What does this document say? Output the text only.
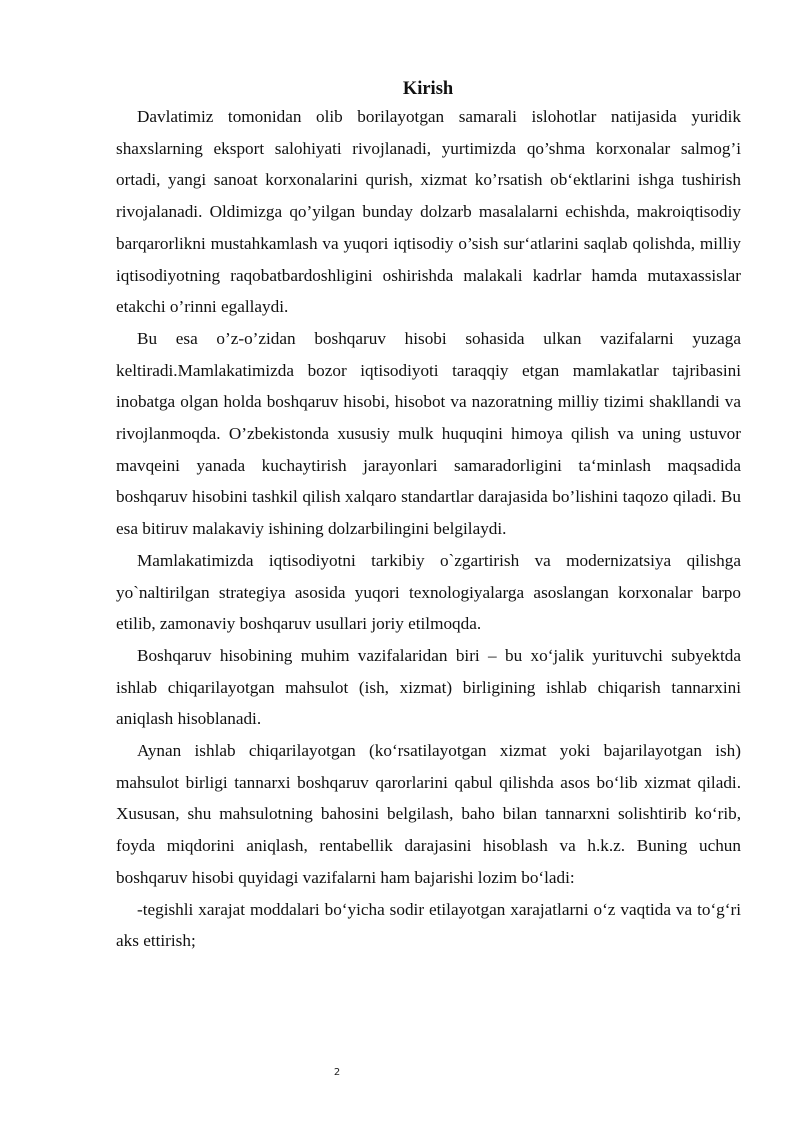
Kirish

Davlatimiz tomonidan olib borilayotgan samarali islohotlar natijasida yuridik shaxslarning eksport salohiyati rivojlanadi, yurtimizda qo’shma korxonalar salmog’i ortadi, yangi sanoat korxonalarini qurish, xizmat ko’rsatish ob‘ektlarini ishga tushirish rivojalanadi. Oldimizga qo’yilgan bunday dolzarb masalalarni echishda, makroiqtisodiy barqarorlikni mustahkamlash va yuqori iqtisodiy o’sish sur‘atlarini saqlab qolishda, milliy iqtisodiyotning raqobatbardoshligini oshirishda malakali kadrlar hamda mutaxassislar etakchi o’rinni egallaydi.

Bu esa o’z-o’zidan boshqaruv hisobi sohasida ulkan vazifalarni yuzaga keltiradi.Mamlakatimizda bozor iqtisodiyoti taraqqiy etgan mamlakatlar tajribasini inobatga olgan holda boshqaruv hisobi, hisobot va nazoratning milliy tizimi shakllandi va rivojlanmoqda. O’zbekistonda xususiy mulk huquqini himoya qilish va uning ustuvor mavqeini yanada kuchaytirish jarayonlari samaradorligini ta‘minlash maqsadida boshqaruv hisobini tashkil qilish xalqaro standartlar darajasida bo’lishini taqozo qiladi. Bu esa bitiruv malakaviy ishining dolzarbilingini belgilaydi.

Mamlakatimizda iqtisodiyotni tarkibiy o`zgartirish va modernizatsiya qilishga yo`naltirilgan strategiya asosida yuqori texnologiyalarga asoslangan korxonalar barpo etilib, zamonaviy boshqaruv usullari joriy etilmoqda.

Boshqaruv hisobining muhim vazifalaridan biri – bu xo‘jalik yurituvchi subyektda ishlab chiqarilayotgan mahsulot (ish, xizmat) birligining ishlab chiqarish tannarxini aniqlash hisoblanadi.

Aynan ishlab chiqarilayotgan (ko‘rsatilayotgan xizmat yoki bajarilayotgan ish) mahsulot birligi tannarxi boshqaruv qarorlarini qabul qilishda asos bo‘lib xizmat qiladi. Xususan, shu mahsulotning bahosini belgilash, baho bilan tannarxni solishtirib ko‘rib, foyda miqdorini aniqlash, rentabellik darajasini hisoblash va h.k.z. Buning uchun boshqaruv hisobi quyidagi vazifalarni ham bajarishi lozim bo‘ladi:

-tegishli xarajat moddalari bo‘yicha sodir etilayotgan xarajatlarni o‘z vaqtida va to‘g‘ri aks ettirish;

2
